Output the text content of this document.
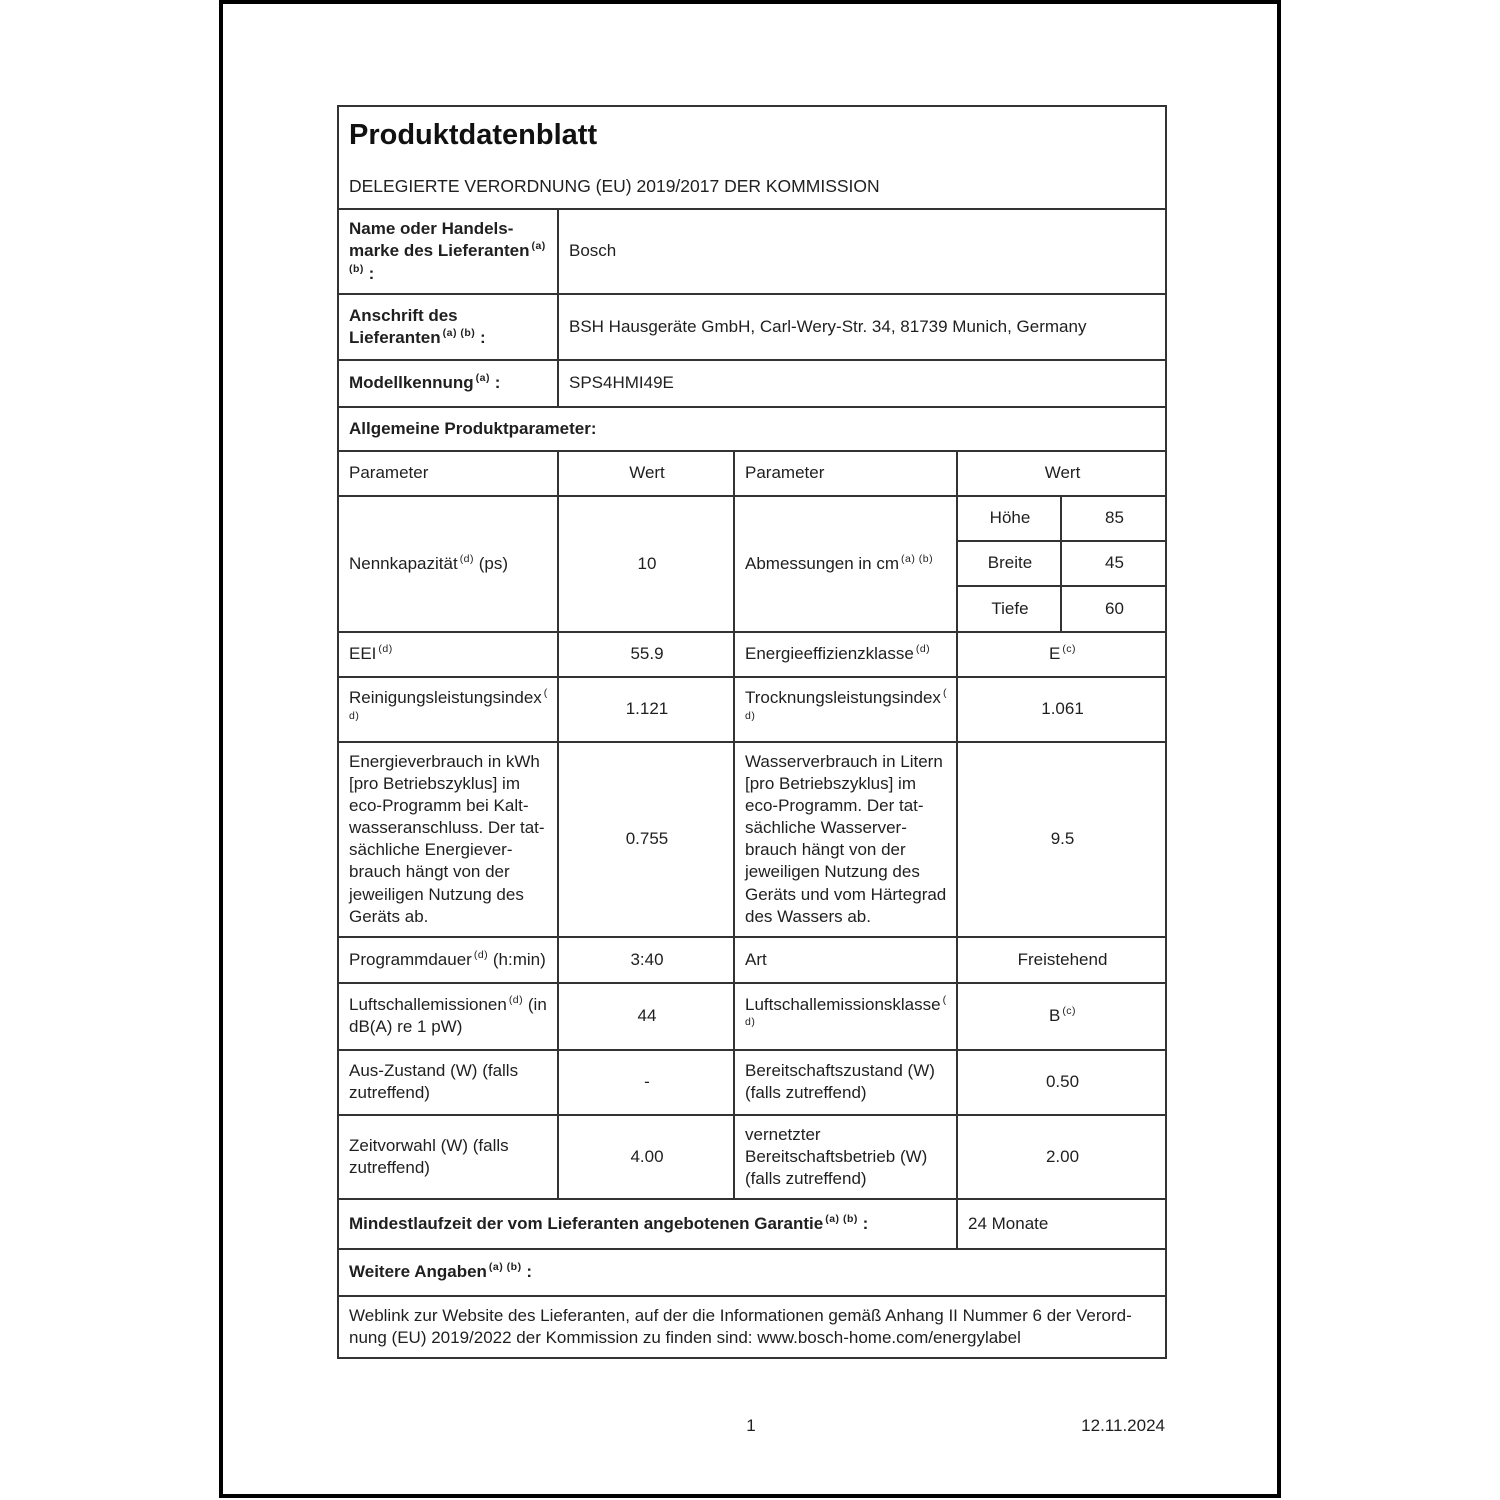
Produktdatenblatt
DELEGIERTE VERORDNUNG (EU) 2019/2017 DER KOMMISSION				

Name oder Handelsmarke des Lieferanten $^{(a) (b)}$ :	Bosch			
Anschrift des Lieferanten $^{(a) (b)}$ :	BSH Hausgeräte GmbH, Carl-Wery-Str. 34, 81739 Munich, Germany			
Modellkennung $^{(a)}$ :	SPS4HMI49E			
Allgemeine Produktparameter:				
Parameter	Wert	Parameter	Wert	
Nennkapazität $^{(d)}$ (ps)	10	Abmessungen in cm $^{(a) (b)}$	Höhe	85
			Breite	45
			Tiefe	60
EEI $^{(d)}$	55.9	Energieeffizienzklasse $^{(d)}$	E $^{(c)}$
Reinigungsleistungsindex $^{(d)}$	1.121	Trocknungsleistungsindex $^{(d)}$	1.061	
Energieverbrauch in kWh [pro Betriebszyklus] im eco-Programm bei Kaltwasseranschluss. Der tatsächliche Energieverbrauch hängt von der jeweiligen Nutzung des Geräts ab.	0.755	Wasserverbrauch in Litern [pro Betriebszyklus] im eco-Programm. Der tatsächliche Wasserverbrauch hängt von der jeweiligen Nutzung des Geräts und vom Härtegrad des Wassers ab.	9.5	
Programmdauer $^{(d)}$ (h:min)	3:40	Art	Freistehend	
Luftschallemissionen $^{(d)}$ (in dB(A) re 1 pW)	44	Luftschallemissionsklasse $^{(d)}$	B $^{(c)}$
Aus-Zustand (W) (falls zutreffend)	-	Bereitschaftszustand (W) (falls zutreffend)	0.50	
Zeitvorwahl (W) (falls zutreffend)	4.00	vernetzter Bereitschaftsbetrieb (W) (falls zutreffend)	2.00	
Mindestlaufzeit der vom Lieferanten angebotenen Garantie $^{(a) (b)}$ :			24 Monate	
Weitere Angaben $^{(a) (b)}$ :				
Weblink zur Website des Lieferanten, auf der die Informationen gemäß Anhang II Nummer 6 der Verordnung (EU) 2019/2022 der Kommission zu finden sind: www.bosch-home.com/energylabel				
1	12.11.2024
